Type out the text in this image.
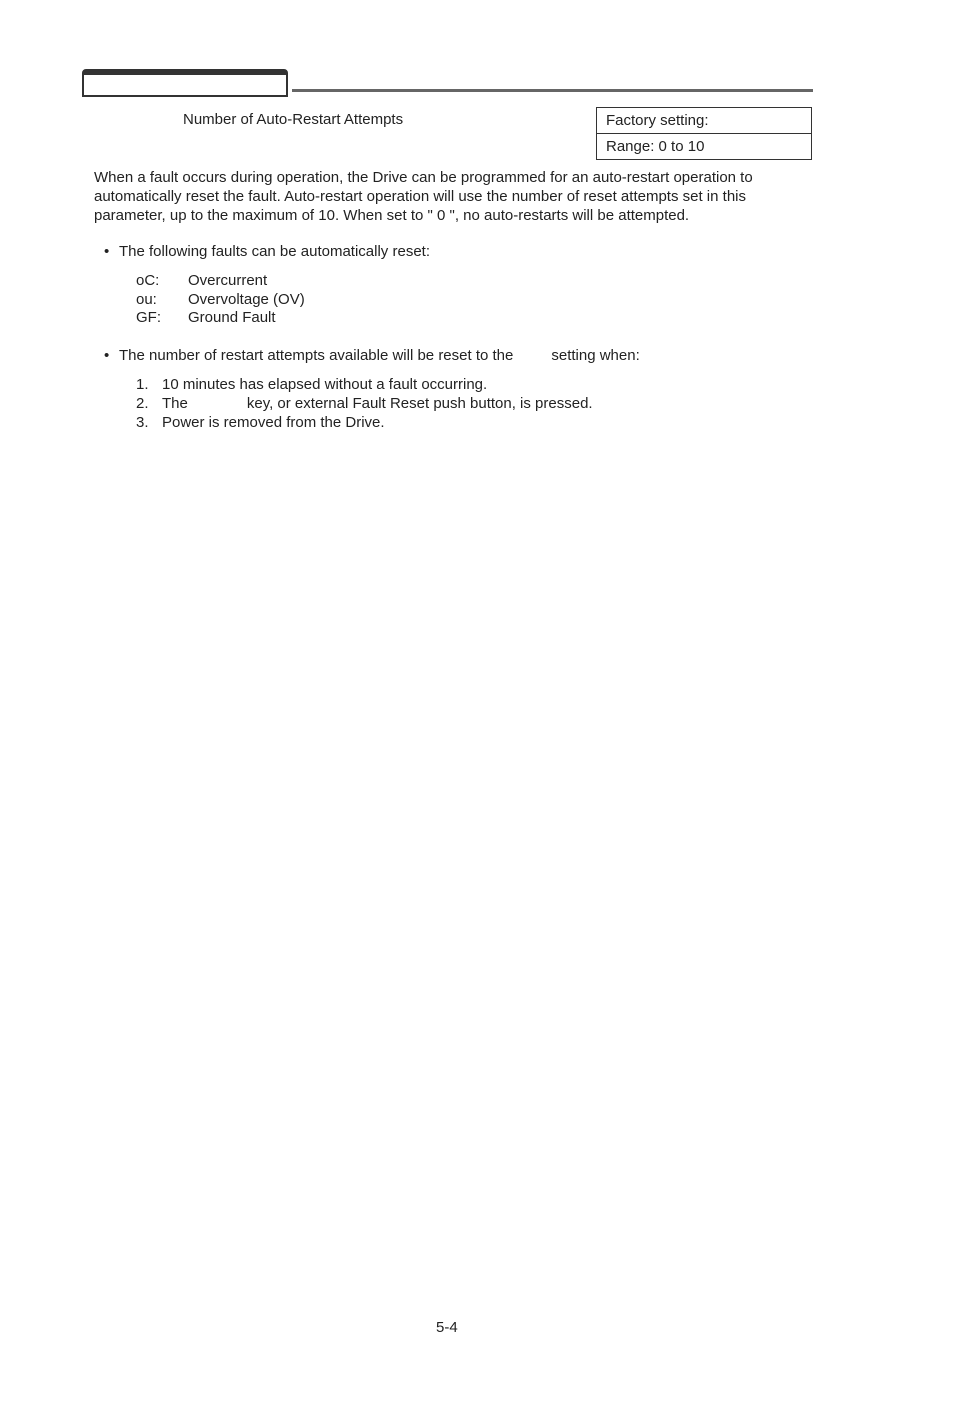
Number of Auto-Restart Attempts	Factory setting:
Range: 0 to 10

When a fault occurs during operation, the Drive can be programmed for an auto-restart operation to automatically reset the fault. Auto-restart operation will use the number of reset attempts set in this parameter, up to the maximum of 10. When set to " 0 ", no auto-restarts will be attempted.

• The following faults can be automatically reset:
oC: Overcurrent
ou: Overvoltage (OV)
GF: Ground Fault
• The number of restart attempts available will be reset to the	setting when:
1. 10 minutes has elapsed without a fault occurring.
2. The	key, or external Fault Reset push button, is pressed.
3. Power is removed from the Drive.
5-4
